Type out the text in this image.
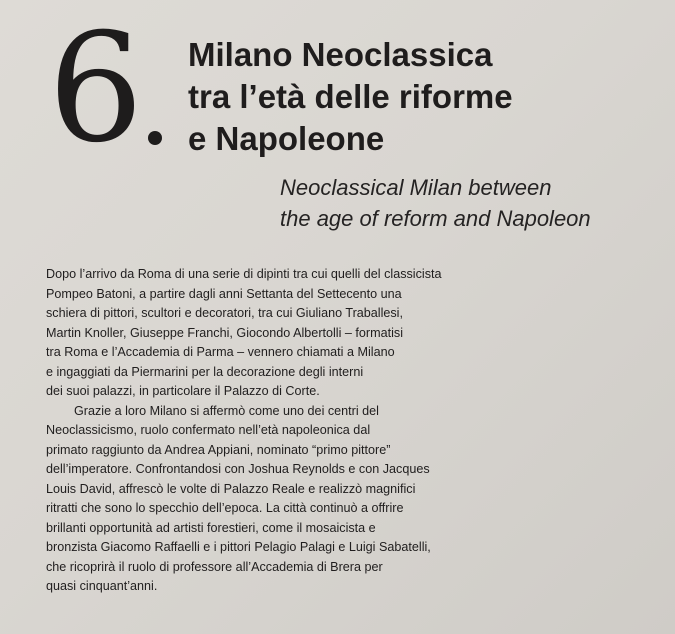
6 Milano Neoclassica
tra l’età delle riforme
e Napoleone
Neoclassical Milan between
the age of reform and Napoleon
Dopo l’arrivo da Roma di una serie di dipinti tra cui quelli del classicista
Pompeo Batoni, a partire dagli anni Settanta del Settecento una
schiera di pittori, scultori e decoratori, tra cui Giuliano Traballesi,
Martin Knoller, Giuseppe Franchi, Giocondo Albertolli – formatisi
tra Roma e l’Accademia di Parma – vennero chiamati a Milano
e ingaggiati da Piermarini per la decorazione degli interni
dei suoi palazzi, in particolare il Palazzo di Corte.
Grazie a loro Milano si affermò come uno dei centri del
Neoclassicismo, ruolo confermato nell’età napoleonica dal
primato raggiunto da Andrea Appiani, nominato “primo pittore”
dell’imperatore. Confrontandosi con Joshua Reynolds e con Jacques
Louis David, affrescò le volte di Palazzo Reale e realizzò magnifici
ritratti che sono lo specchio dell’epoca. La città continuò a offrire
brillanti opportunità ad artisti forestieri, come il mosaicista e
bronzista Giacomo Raffaelli e i pittori Pelagio Palagi e Luigi Sabatelli,
che ricoprirà il ruolo di professore all’Accademia di Brera per
quasi cinquant’anni.
